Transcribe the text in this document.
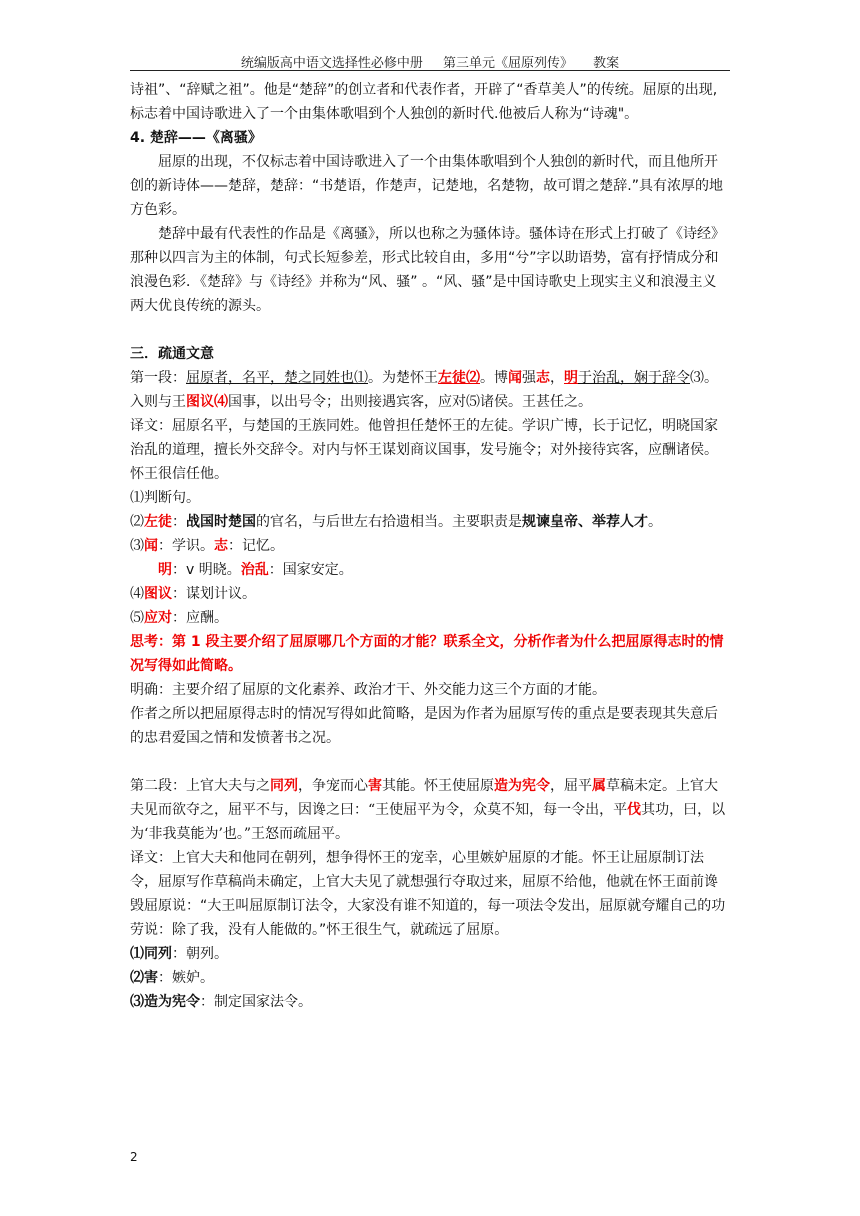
统编版高中语文选择性必修中册 第三单元《屈原列传》 教案

诗祖”、“辞赋之祖”。他是“楚辞”的创立者和代表作者，开辟了“香草美人”的传统。屈原的出现,标志着中国诗歌进入了一个由集体歌唱到个人独创的新时代.他被后人称为“诗魂"。

4. 楚辞——《离骚》

屈原的出现，不仅标志着中国诗歌进入了一个由集体歌唱到个人独创的新时代，而且他所开创的新诗体——楚辞，楚辞：“书楚语，作楚声，记楚地，名楚物，故可谓之楚辞.”具有浓厚的地方色彩。

楚辞中最有代表性的作品是《离骚》，所以也称之为骚体诗。骚体诗在形式上打破了《诗经》那种以四言为主的体制，句式长短参差，形式比较自由，多用“兮”字以助语势，富有抒情成分和浪漫色彩．《楚辞》与《诗经》并称为“风、骚” 。“风、骚”是中国诗歌史上现实主义和浪漫主义两大优良传统的源头。

三．疏通文意

第一段：屈原者，名平，楚之同姓也⑴。为楚怀王左徒⑵。博闻强志，明于治乱，娴于辞令⑶。入则与王图议⑷国事，以出号令；出则接遇宾客，应对⑸诸侯。王甚任之。

译文：屈原名平，与楚国的王族同姓。他曾担任楚怀王的左徒。学识广博，长于记忆，明晓国家治乱的道理，擅长外交辞令。对内与怀王谋划商议国事，发号施令；对外接待宾客，应酬诸侯。怀王很信任他。

⑴判断句。

⑵左徒：战国时楚国的官名，与后世左右拾遗相当。主要职责是规谏皇帝、举荐人才。

⑶闻：学识。志：记忆。

明：v 明晓。治乱：国家安定。

⑷图议：谋划计议。

⑸应对：应酬。

思考：第 1 段主要介绍了屈原哪几个方面的才能？联系全文，分析作者为什么把屈原得志时的情况写得如此简略。

明确：主要介绍了屈原的文化素养、政治才干、外交能力这三个方面的才能。

作者之所以把屈原得志时的情况写得如此简略，是因为作者为屈原写传的重点是要表现其失意后的忠君爱国之情和发愤著书之况。

第二段：上官大夫与之同列，争宠而心害其能。怀王使屈原造为宪令，屈平属草稿未定。上官大夫见而欲夺之，屈平不与，因谗之曰：“王使屈平为令，众莫不知，每一令出，平伐其功，曰，以为‘非我莫能为’也。”王怒而疏屈平。

译文：上官大夫和他同在朝列，想争得怀王的宠幸，心里嫉妒屈原的才能。怀王让屈原制订法令，屈原写作草稿尚未确定，上官大夫见了就想强行夺取过来，屈原不给他，他就在怀王面前谗毁屈原说：“大王叫屈原制订法令，大家没有谁不知道的，每一项法令发出，屈原就夸耀自己的功劳说：除了我，没有人能做的。”怀王很生气，就疏远了屈原。

⑴同列：朝列。

⑵害：嫉妒。

⑶造为宪令：制定国家法令。

2
